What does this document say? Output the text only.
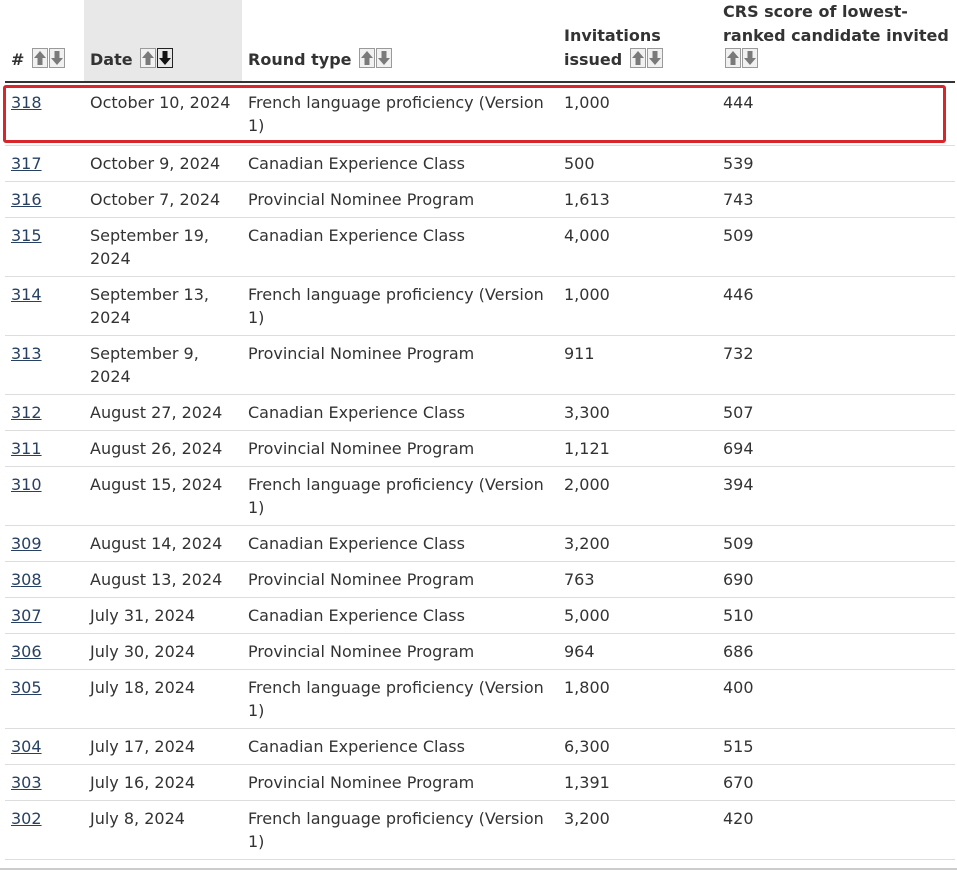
#	Date	Round type	Invitations issued	CRS score of lowest-ranked candidate invited

318	October 10, 2024	French language proficiency (Version 1)	1,000	444
317	October 9, 2024	Canadian Experience Class	500	539
316	October 7, 2024	Provincial Nominee Program	1,613	743
315	September 19, 2024	Canadian Experience Class	4,000	509
314	September 13, 2024	French language proficiency (Version 1)	1,000	446
313	September 9, 2024	Provincial Nominee Program	911	732
312	August 27, 2024	Canadian Experience Class	3,300	507
311	August 26, 2024	Provincial Nominee Program	1,121	694
310	August 15, 2024	French language proficiency (Version 1)	2,000	394
309	August 14, 2024	Canadian Experience Class	3,200	509
308	August 13, 2024	Provincial Nominee Program	763	690
307	July 31, 2024	Canadian Experience Class	5,000	510
306	July 30, 2024	Provincial Nominee Program	964	686
305	July 18, 2024	French language proficiency (Version 1)	1,800	400
304	July 17, 2024	Canadian Experience Class	6,300	515
303	July 16, 2024	Provincial Nominee Program	1,391	670
302	July 8, 2024	French language proficiency (Version 1)	3,200	420
